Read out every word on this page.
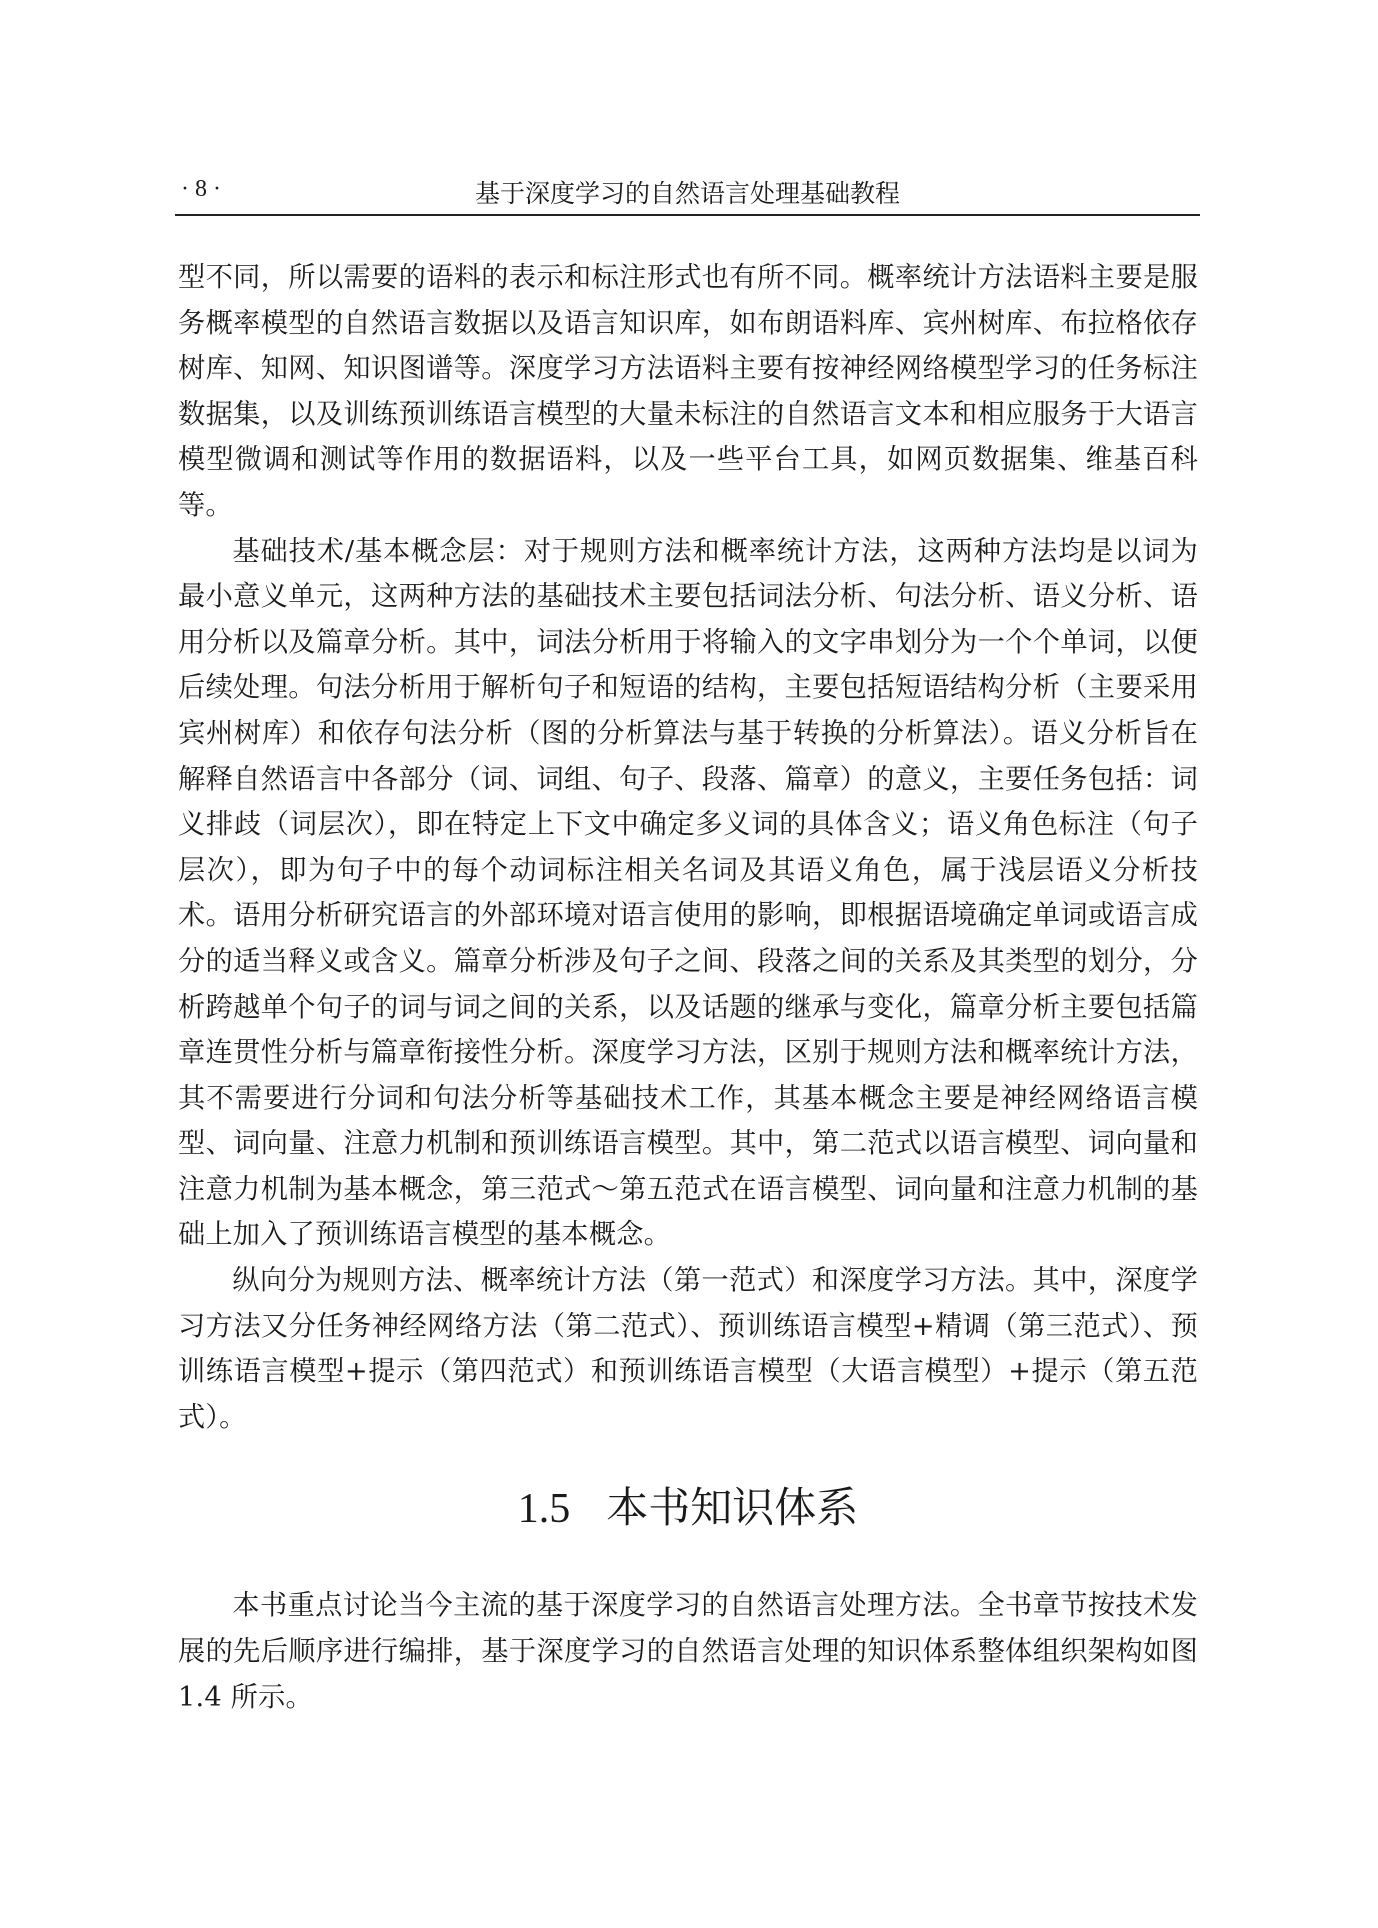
· 8 ·	基于深度学习的自然语言处理基础教程

型不同，所以需要的语料的表示和标注形式也有所不同。概率统计方法语料主要是服务概率模型的自然语言数据以及语言知识库，如布朗语料库、宾州树库、布拉格依存树库、知网、知识图谱等。深度学习方法语料主要有按神经网络模型学习的任务标注数据集，以及训练预训练语言模型的大量未标注的自然语言文本和相应服务于大语言模型微调和测试等作用的数据语料，以及一些平台工具，如网页数据集、维基百科等。

基础技术/基本概念层：对于规则方法和概率统计方法，这两种方法均是以词为最小意义单元，这两种方法的基础技术主要包括词法分析、句法分析、语义分析、语用分析以及篇章分析。其中，词法分析用于将输入的文字串划分为一个个单词，以便后续处理。句法分析用于解析句子和短语的结构，主要包括短语结构分析（主要采用宾州树库）和依存句法分析（图的分析算法与基于转换的分析算法）。语义分析旨在解释自然语言中各部分（词、词组、句子、段落、篇章）的意义，主要任务包括：词义排歧（词层次），即在特定上下文中确定多义词的具体含义；语义角色标注（句子层次），即为句子中的每个动词标注相关名词及其语义角色，属于浅层语义分析技术。语用分析研究语言的外部环境对语言使用的影响，即根据语境确定单词或语言成分的适当释义或含义。篇章分析涉及句子之间、段落之间的关系及其类型的划分，分析跨越单个句子的词与词之间的关系，以及话题的继承与变化，篇章分析主要包括篇章连贯性分析与篇章衔接性分析。深度学习方法，区别于规则方法和概率统计方法，其不需要进行分词和句法分析等基础技术工作，其基本概念主要是神经网络语言模型、词向量、注意力机制和预训练语言模型。其中，第二范式以语言模型、词向量和注意力机制为基本概念，第三范式～第五范式在语言模型、词向量和注意力机制的基础上加入了预训练语言模型的基本概念。

纵向分为规则方法、概率统计方法（第一范式）和深度学习方法。其中，深度学习方法又分任务神经网络方法（第二范式）、预训练语言模型+精调（第三范式）、预训练语言模型+提示（第四范式）和预训练语言模型（大语言模型）+提示（第五范式）。

1.5 本书知识体系

本书重点讨论当今主流的基于深度学习的自然语言处理方法。全书章节按技术发展的先后顺序进行编排，基于深度学习的自然语言处理的知识体系整体组织架构如图 1.4 所示。
